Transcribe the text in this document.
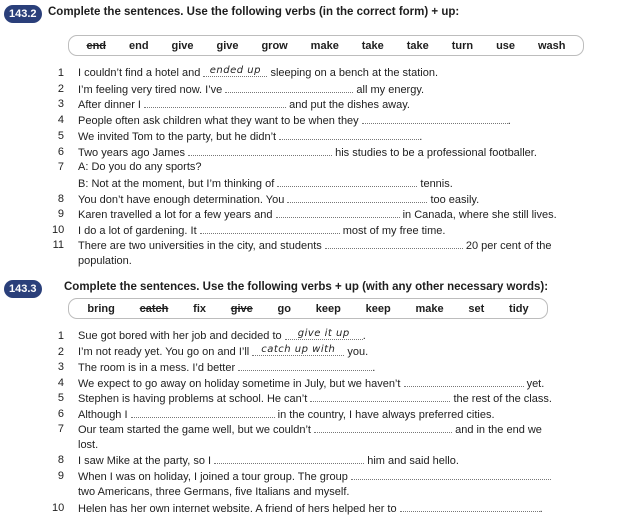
143.2 Complete the sentences. Use the following verbs (in the correct form) + up:
end end give give grow make take take turn use wash
1 I couldn’t find a hotel and ended up sleeping on a bench at the station.
2 I’m feeling very tired now. I’ve	all my energy.
3 After dinner I	and put the dishes away.
4 People often ask children what they want to be when they	.
5 We invited Tom to the party, but he didn’t	.
6 Two years ago James	his studies to be a professional footballer.
7 A: Do you do any sports?
B: Not at the moment, but I’m thinking of	tennis.
8 You don’t have enough determination. You	too easily.
9 Karen travelled a lot for a few years and	in Canada, where she still lives.
10 I do a lot of gardening. It	most of my free time.
11 There are two universities in the city, and students	20 per cent of the
population.
143.3	Complete the sentences. Use the following verbs + up (with any other necessary words):
bring catch fix give go keep keep make set tidy
1 Sue got bored with her job and decided to give it up .
2 I’m not ready yet. You go on and I’ll catch up with you.
3 The room is in a mess. I’d better	.
4 We expect to go away on holiday sometime in July, but we haven’t	yet.
5 Stephen is having problems at school. He can’t	the rest of the class.
6 Although I	in the country, I have always preferred cities.
7 Our team started the game well, but we couldn’t	and in the end we
lost.
8 I saw Mike at the party, so I	him and said hello.
9 When I was on holiday, I joined a tour group. The group
two Americans, three Germans, five Italians and myself.
10 Helen has her own internet website. A friend of hers helped her to	.
